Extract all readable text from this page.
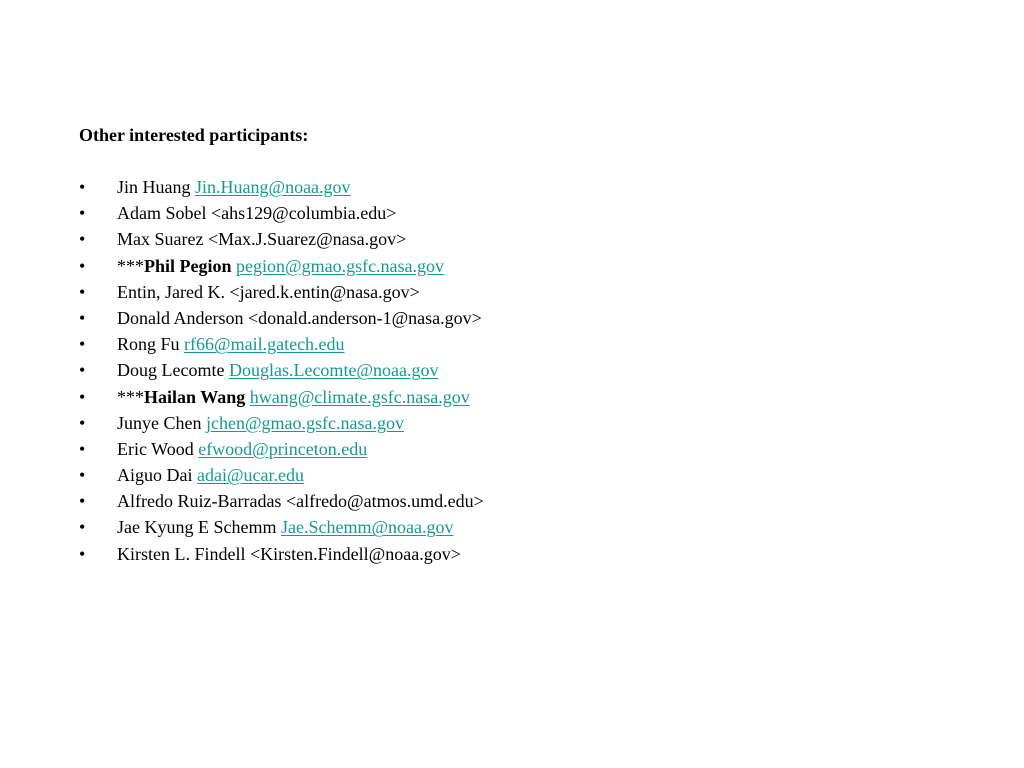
Other interested participants:

•	Jin Huang Jin.Huang@noaa.gov
•	Adam Sobel <ahs129@columbia.edu>
•	Max Suarez <Max.J.Suarez@nasa.gov>
•	***Phil Pegion pegion@gmao.gsfc.nasa.gov
•	Entin, Jared K. <jared.k.entin@nasa.gov>
•	Donald Anderson <donald.anderson-1@nasa.gov>
•	Rong Fu rf66@mail.gatech.edu
•	Doug Lecomte Douglas.Lecomte@noaa.gov
•	***Hailan Wang hwang@climate.gsfc.nasa.gov
•	Junye Chen jchen@gmao.gsfc.nasa.gov
•	Eric Wood efwood@princeton.edu
•	Aiguo Dai adai@ucar.edu
•	Alfredo Ruiz-Barradas <alfredo@atmos.umd.edu>
•	Jae Kyung E Schemm Jae.Schemm@noaa.gov
•	Kirsten L. Findell <Kirsten.Findell@noaa.gov>
